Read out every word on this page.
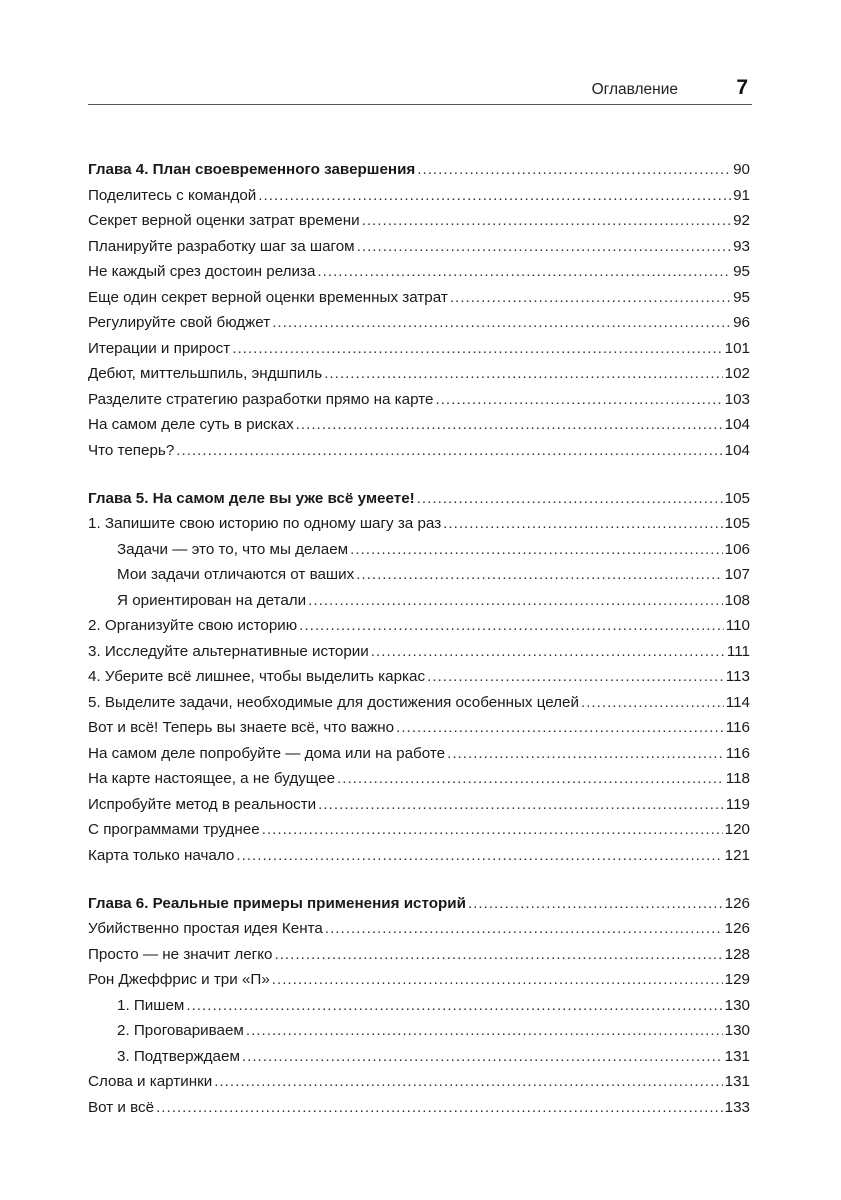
Оглавление	7
Глава 4. План своевременного завершения .....	90
Поделитесь с командой .....	91
Секрет верной оценки затрат времени .....	92
Планируйте разработку шаг за шагом .....	93
Не каждый срез достоин релиза .....	95
Еще один секрет верной оценки временных затрат .....	95
Регулируйте свой бюджет .....	96
Итерации и прирост .....	101
Дебют, миттельшпиль, эндшпиль .....	102
Разделите стратегию разработки прямо на карте .....	103
На самом деле суть в рисках .....	104
Что теперь? .....	104
Глава 5. На самом деле вы уже всё умеете! .....	105
1. Запишите свою историю по одному шагу за раз .....	105
Задачи — это то, что мы делаем .....	106
Мои задачи отличаются от ваших .....	107
Я ориентирован на детали .....	108
2. Организуйте свою историю .....	110
3. Исследуйте альтернативные истории .....	111
4. Уберите всё лишнее, чтобы выделить каркас .....	113
5. Выделите задачи, необходимые для достижения особенных целей .....	114
Вот и всё! Теперь вы знаете всё, что важно .....	116
На самом деле попробуйте — дома или на работе .....	116
На карте настоящее, а не будущее .....	118
Испробуйте метод в реальности .....	119
С программами труднее .....	120
Карта только начало .....	121
Глава 6. Реальные примеры применения историй .....	126
Убийственно простая идея Кента .....	126
Просто — не значит легко .....	128
Рон Джеффрис и три «П» .....	129
1. Пишем .....	130
2. Проговариваем .....	130
3. Подтверждаем .....	131
Слова и картинки .....	131
Вот и всё .....	133
